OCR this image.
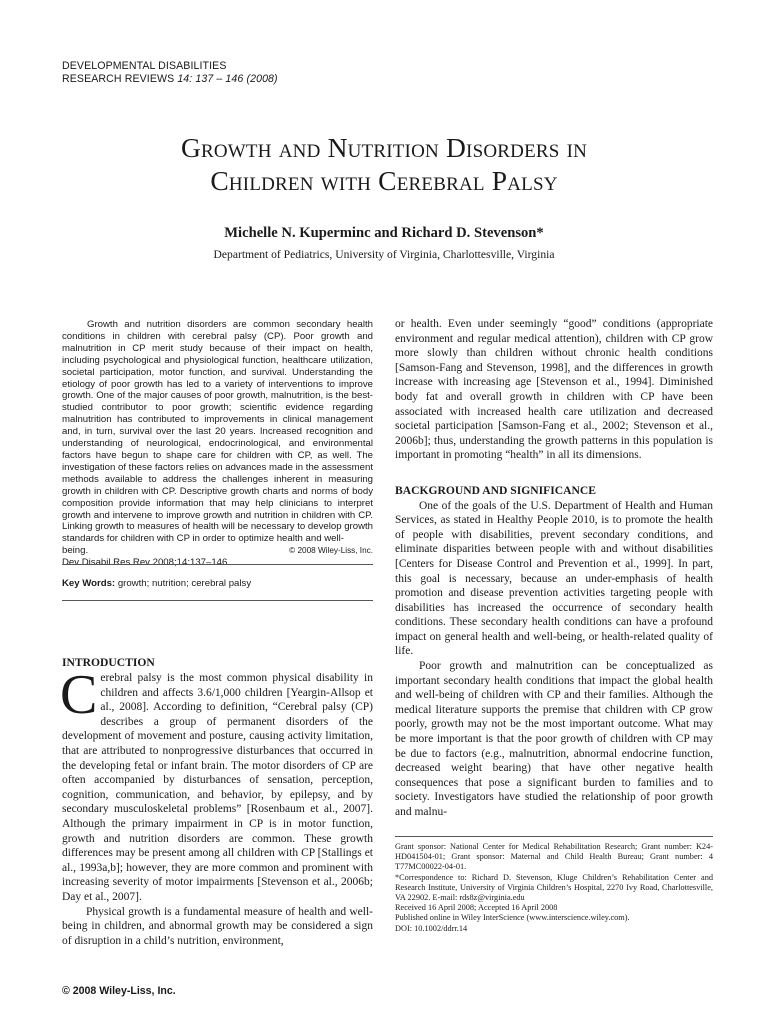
DEVELOPMENTAL DISABILITIES
RESEARCH REVIEWS 14: 137 – 146 (2008)
Growth and Nutrition Disorders in
Children with Cerebral Palsy
Michelle N. Kuperminc and Richard D. Stevenson*
Department of Pediatrics, University of Virginia, Charlottesville, Virginia
Growth and nutrition disorders are common secondary health conditions in children with cerebral palsy (CP). Poor growth and malnutrition in CP merit study because of their impact on health, including psychological and physiological function, healthcare utilization, societal participation, motor function, and survival. Understanding the etiology of poor growth has led to a variety of interventions to improve growth. One of the major causes of poor growth, malnutrition, is the best-studied contributor to poor growth; scientific evidence regarding malnutrition has contributed to improvements in clinical management and, in turn, survival over the last 20 years. Increased recognition and understanding of neurological, endocrinological, and environmental factors have begun to shape care for children with CP, as well. The investigation of these factors relies on advances made in the assessment methods available to address the challenges inherent in measuring growth in children with CP. Descriptive growth charts and norms of body composition provide information that may help clinicians to interpret growth and intervene to improve growth and nutrition in children with CP. Linking growth to measures of health will be necessary to develop growth standards for children with CP in order to optimize health and well-
being.	© 2008 Wiley-Liss, Inc.
Dev Disabil Res Rev 2008;14:137–146.
Key Words: growth; nutrition; cerebral palsy
INTRODUCTION

Cerebral palsy is the most common physical disability in children and affects 3.6/1,000 children [Yeargin-Allsop et al., 2008]. According to definition, “Cerebral palsy (CP) describes a group of permanent disorders of the development of movement and posture, causing activity limitation, that are attributed to nonprogressive disturbances that occurred in the developing fetal or infant brain. The motor disorders of CP are often accompanied by disturbances of sensation, perception, cognition, communication, and behavior, by epilepsy, and by secondary musculoskeletal problems” [Rosenbaum et al., 2007]. Although the primary impairment in CP is in motor function, growth and nutrition disorders are common. These growth differences may be present among all children with CP [Stallings et al., 1993a,b]; however, they are more common and prominent with increasing severity of motor impairments [Stevenson et al., 2006b; Day et al., 2007].

Physical growth is a fundamental measure of health and well-being in children, and abnormal growth may be considered a sign of disruption in a child’s nutrition, environment,

© 2008 Wiley-Liss, Inc.

or health. Even under seemingly “good” conditions (appropriate environment and regular medical attention), children with CP grow more slowly than children without chronic health conditions [Samson-Fang and Stevenson, 1998], and the differences in growth increase with increasing age [Stevenson et al., 1994]. Diminished body fat and overall growth in children with CP have been associated with increased health care utilization and decreased societal participation [Samson-Fang et al., 2002; Stevenson et al., 2006b]; thus, understanding the growth patterns in this population is important in promoting “health” in all its dimensions.

BACKGROUND AND SIGNIFICANCE

One of the goals of the U.S. Department of Health and Human Services, as stated in Healthy People 2010, is to promote the health of people with disabilities, prevent secondary conditions, and eliminate disparities between people with and without disabilities [Centers for Disease Control and Prevention et al., 1999]. In part, this goal is necessary, because an under-emphasis of health promotion and disease prevention activities targeting people with disabilities has increased the occurrence of secondary health conditions. These secondary health conditions can have a profound impact on general health and well-being, or health-related quality of life.

Poor growth and malnutrition can be conceptualized as important secondary health conditions that impact the global health and well-being of children with CP and their families. Although the medical literature supports the premise that children with CP grow poorly, growth may not be the most important outcome. What may be more important is that the poor growth of children with CP may be due to factors (e.g., malnutrition, abnormal endocrine function, decreased weight bearing) that have other negative health consequences that pose a significant burden to families and to society. Investigators have studied the relationship of poor growth and malnu-

Grant sponsor: National Center for Medical Rehabilitation Research; Grant number: K24-HD041504-01; Grant sponsor: Maternal and Child Health Bureau; Grant number: 4 T77MC00022-04-01.
*Correspondence to: Richard D. Stevenson, Kluge Children’s Rehabilitation Center and Research Institute, University of Virginia Children’s Hospital, 2270 Ivy Road, Charlottesville, VA 22902. E-mail: rds8z@virginia.edu
Received 16 April 2008; Accepted 16 April 2008
Published online in Wiley InterScience (www.interscience.wiley.com).
DOI: 10.1002/ddrr.14
